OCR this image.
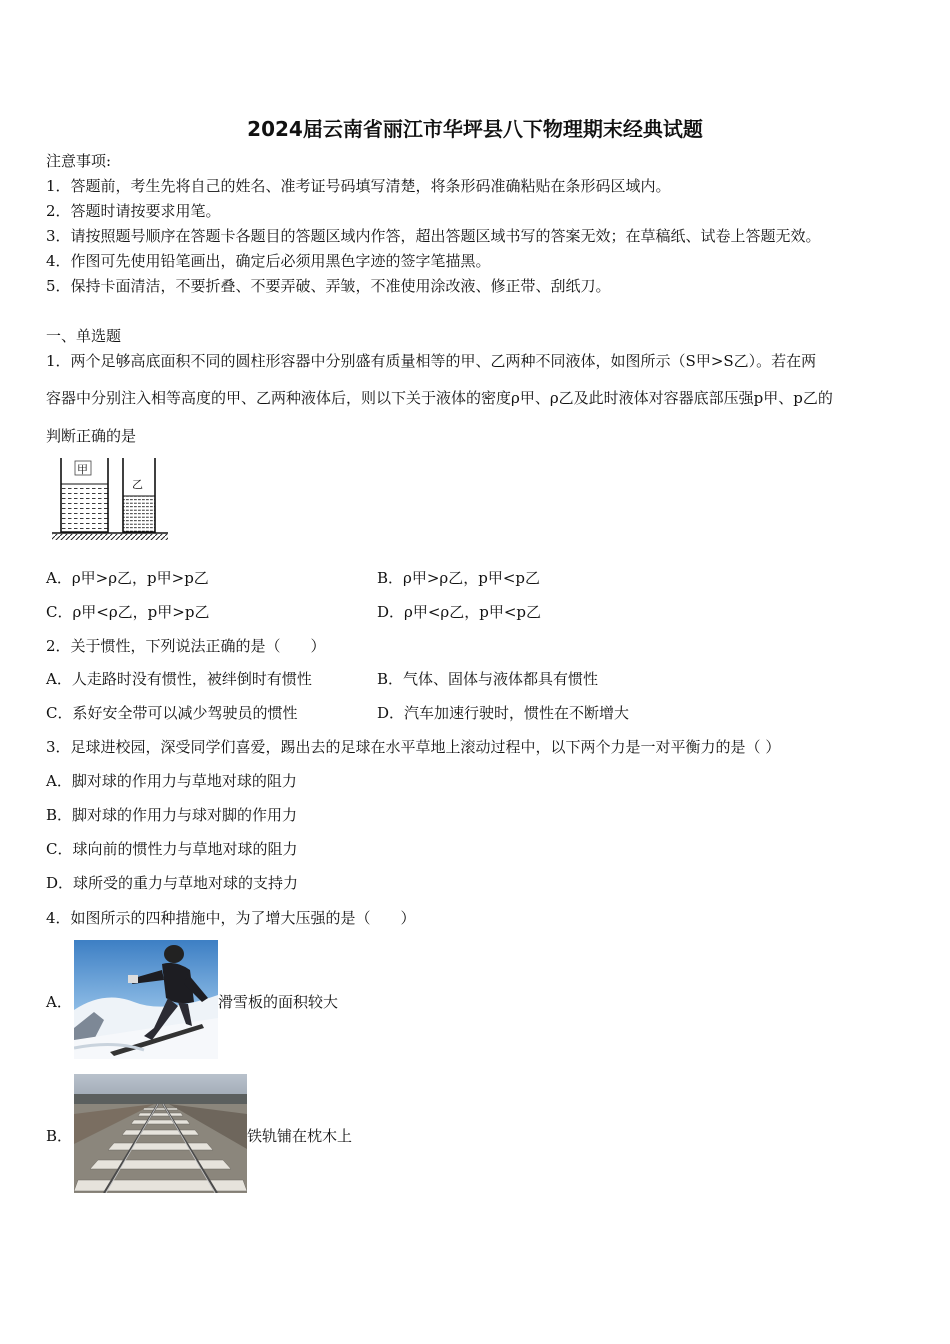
2024届云南省丽江市华坪县八下物理期末经典试题
注意事项:
1．答题前，考生先将自己的姓名、准考证号码填写清楚，将条形码准确粘贴在条形码区域内。
2．答题时请按要求用笔。
3．请按照题号顺序在答题卡各题目的答题区域内作答，超出答题区域书写的答案无效；在草稿纸、试卷上答题无效。
4．作图可先使用铅笔画出，确定后必须用黑色字迹的签字笔描黑。
5．保持卡面清洁，不要折叠、不要弄破、弄皱，不准使用涂改液、修正带、刮纸刀。
一、单选题
1．两个足够高底面积不同的圆柱形容器中分别盛有质量相等的甲、乙两种不同液体，如图所示（S甲>S乙）。若在两
容器中分别注入相等高度的甲、乙两种液体后，则以下关于液体的密度ρ甲、ρ乙及此时液体对容器底部压强p甲、p乙的
判断正确的是
甲
乙
A．ρ甲>ρ乙，p甲>p乙	B．ρ甲>ρ乙，p甲<p乙
C．ρ甲<ρ乙，p甲>p乙	D．ρ甲<ρ乙，p甲<p乙
2．关于惯性，下列说法正确的是（　　）
A．人走路时没有惯性，被绊倒时有惯性	B．气体、固体与液体都具有惯性
C．系好安全带可以减少驾驶员的惯性	D．汽车加速行驶时，惯性在不断增大
3．足球进校园，深受同学们喜爱，踢出去的足球在水平草地上滚动过程中，以下两个力是一对平衡力的是（ ）
A．脚对球的作用力与草地对球的阻力
B．脚对球的作用力与球对脚的作用力
C．球向前的惯性力与草地对球的阻力
D．球所受的重力与草地对球的支持力
4．如图所示的四种措施中，为了增大压强的是（　　）
A．	滑雪板的面积较大
B．	铁轨铺在枕木上
